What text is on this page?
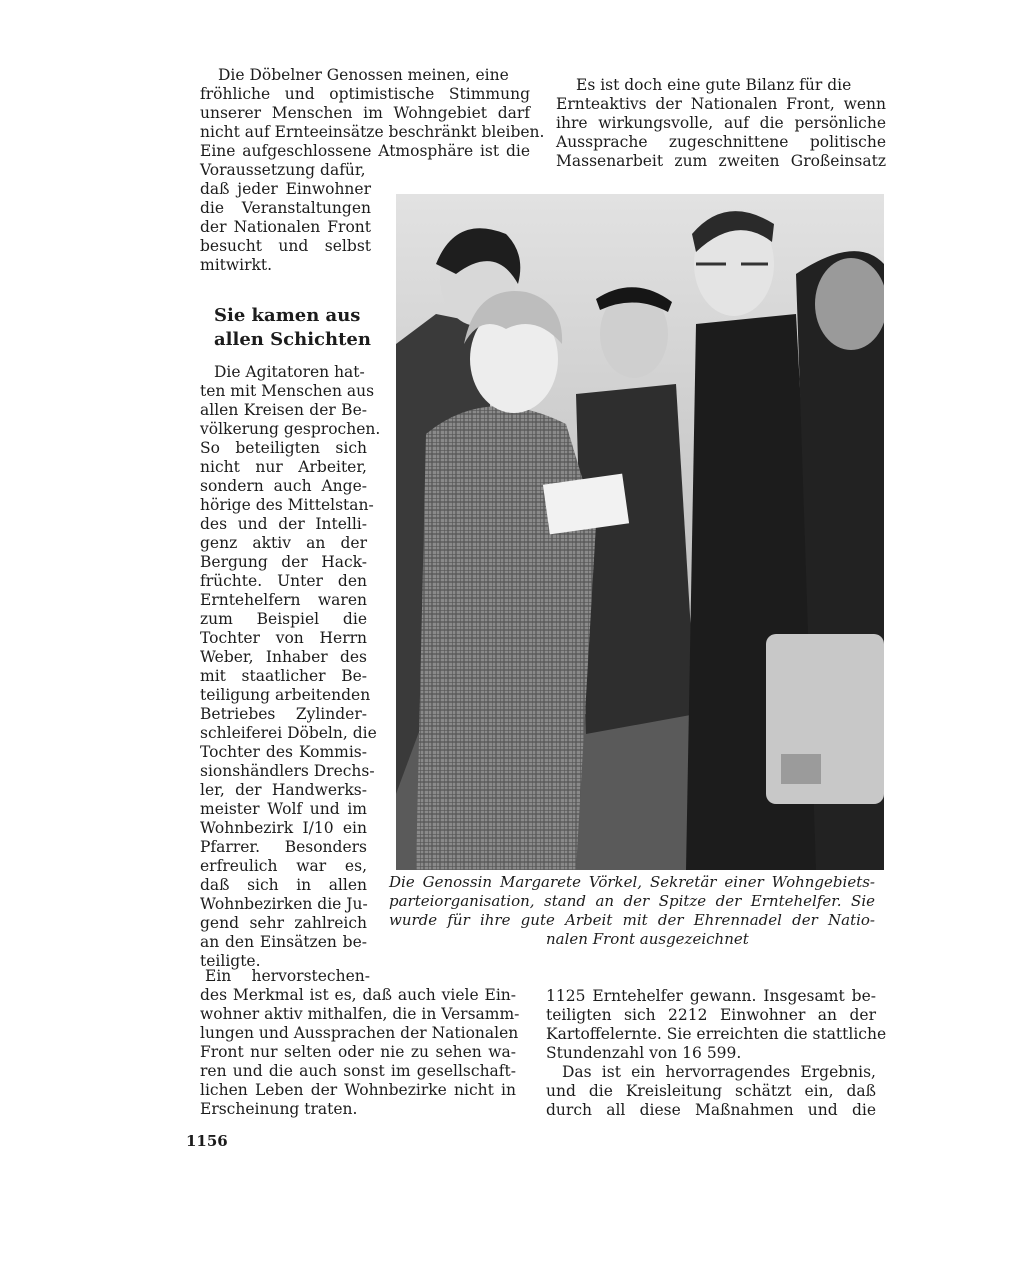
Die Döbelner Genossen meinen, eine

fröhliche und optimistische Stimmung

unserer Menschen im Wohngebiet darf

nicht auf Ernteeinsätze beschränkt bleiben.

Eine aufgeschlossene Atmosphäre ist die

Voraussetzung dafür,

daß jeder Einwohner

die Veranstaltungen

der Nationalen Front

besucht und selbst

mitwirkt.

Sie kamen aus

allen Schichten

Die Agitatoren hat-

ten mit Menschen aus

allen Kreisen der Be-

völkerung gesprochen.

So beteiligten sich

nicht nur Arbeiter,

sondern auch Ange-

hörige des Mittelstan-

des und der Intelli-

genz aktiv an der

Bergung der Hack-

früchte. Unter den

Erntehelfern waren

zum Beispiel die

Tochter von Herrn

Weber, Inhaber des

mit staatlicher Be-

teiligung arbeitenden

Betriebes Zylinder-

schleiferei Döbeln, die

Tochter des Kommis-

sionshändlers Drechs-

ler, der Handwerks-

meister Wolf und im

Wohnbezirk I/10 ein

Pfarrer. Besonders

erfreulich war es,

daß sich in allen

Wohnbezirken die Ju-

gend sehr zahlreich

an den Einsätzen be-

teiligte.

Ein hervorstechen-

des Merkmal ist es, daß auch viele Ein-

wohner aktiv mithalfen, die in Versamm-

lungen und Aussprachen der Nationalen

Front nur selten oder nie zu sehen wa-

ren und die auch sonst im gesellschaft-

lichen Leben der Wohnbezirke nicht in

Erscheinung traten.

Es ist doch eine gute Bilanz für die

Ernteaktivs der Nationalen Front, wenn

ihre wirkungsvolle, auf die persönliche

Aussprache zugeschnittene politische

Massenarbeit zum zweiten Großeinsatz

Die Genossin Margarete Vörkel, Sekretär einer Wohngebiets-

parteiorganisation, stand an der Spitze der Erntehelfer. Sie

wurde für ihre gute Arbeit mit der Ehrennadel der Natio-

nalen Front ausgezeichnet

1125 Erntehelfer gewann. Insgesamt be-

teiligten sich 2212 Einwohner an der

Kartoffelernte. Sie erreichten die stattliche

Stundenzahl von 16 599.

Das ist ein hervorragendes Ergebnis,

und die Kreisleitung schätzt ein, daß

durch all diese Maßnahmen und die

1156
